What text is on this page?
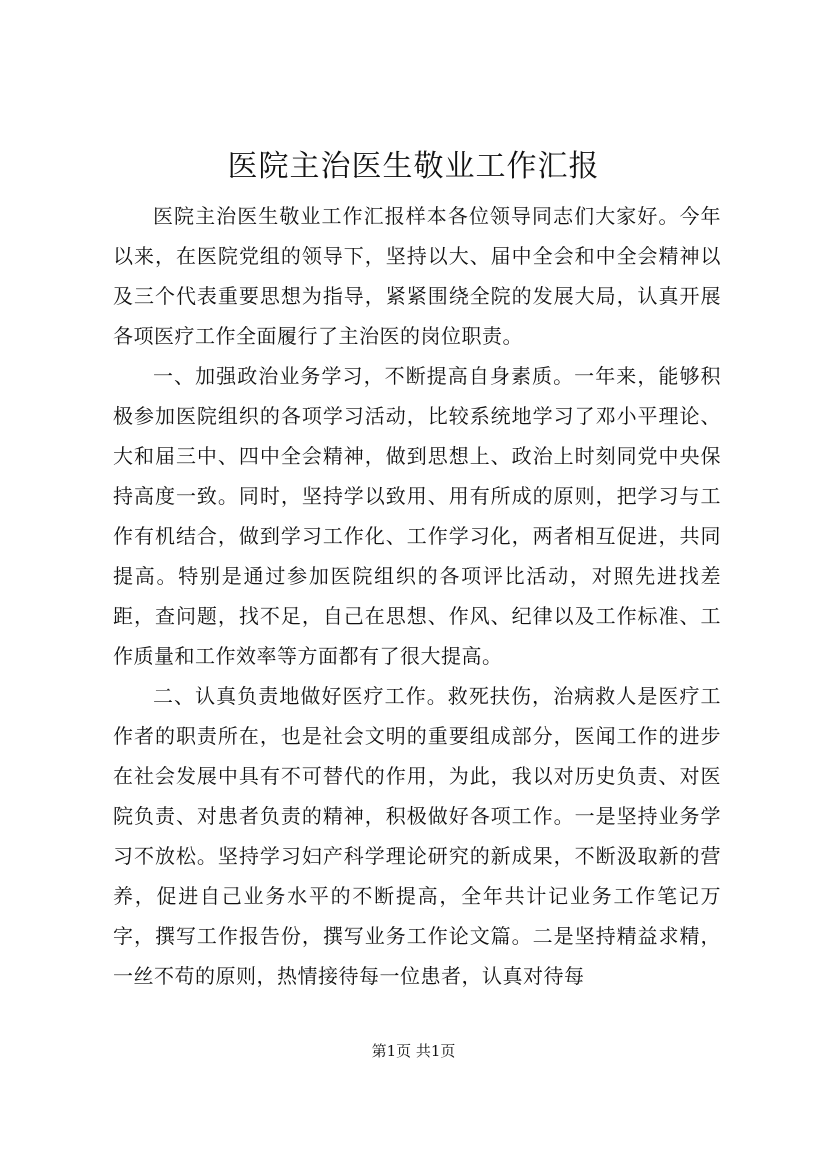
医院主治医生敬业工作汇报

医院主治医生敬业工作汇报样本各位领导同志们大家好。今年以来，在医院党组的领导下，坚持以大、届中全会和中全会精神以及三个代表重要思想为指导，紧紧围绕全院的发展大局，认真开展各项医疗工作全面履行了主治医的岗位职责。

一、加强政治业务学习，不断提高自身素质。一年来，能够积极参加医院组织的各项学习活动，比较系统地学习了邓小平理论、大和届三中、四中全会精神，做到思想上、政治上时刻同党中央保持高度一致。同时，坚持学以致用、用有所成的原则，把学习与工作有机结合，做到学习工作化、工作学习化，两者相互促进，共同提高。特别是通过参加医院组织的各项评比活动，对照先进找差距，查问题，找不足，自己在思想、作风、纪律以及工作标准、工作质量和工作效率等方面都有了很大提高。

二、认真负责地做好医疗工作。救死扶伤，治病救人是医疗工作者的职责所在，也是社会文明的重要组成部分，医闻工作的进步在社会发展中具有不可替代的作用，为此，我以对历史负责、对医院负责、对患者负责的精神，积极做好各项工作。一是坚持业务学习不放松。坚持学习妇产科学理论研究的新成果，不断汲取新的营养，促进自己业务水平的不断提高，全年共计记业务工作笔记万字，撰写工作报告份，撰写业务工作论文篇。二是坚持精益求精，一丝不苟的原则，热情接待每一位患者，认真对待每

第1页 共1页
